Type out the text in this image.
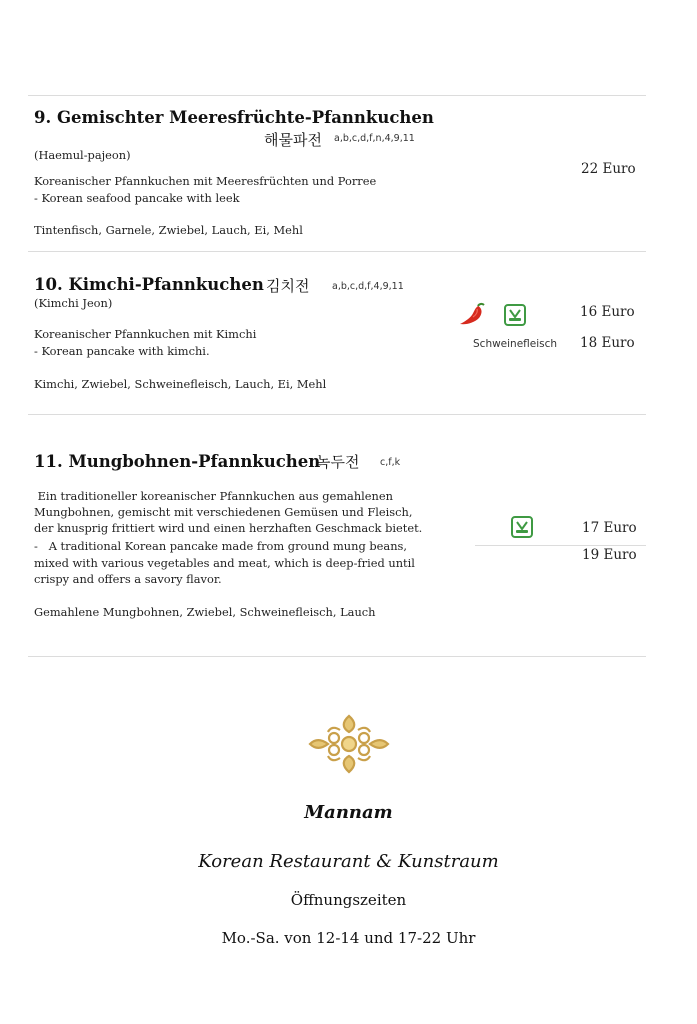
9. Gemischter Meeresfrüchte-Pfannkuchen
해물파전 a,b,c,d,f,n,4,9,11
(Haemul-pajeon)
22 Euro
Koreanischer Pfannkuchen mit Meeresfrüchten und Porree
- Korean seafood pancake with leek
Tintenfisch, Garnele, Zwiebel, Lauch, Ei, Mehl
10. Kimchi-Pfannkuchen 김치전 a,b,c,d,f,4,9,11
(Kimchi Jeon)
Koreanischer Pfannkuchen mit Kimchi
- Korean pancake with kimchi.
Kimchi, Zwiebel, Schweinefleisch, Lauch, Ei, Mehl
16 Euro
Schweinefleisch 18 Euro
11. Mungbohnen-Pfannkuchen
녹두전 c,f,k
Ein traditioneller koreanischer Pfannkuchen aus gemahlenen
Mungbohnen, gemischt mit verschiedenen Gemüsen und Fleisch,
der knusprig frittiert wird und einen herzhaften Geschmack bietet.
-   A traditional Korean pancake made from ground mung beans,
mixed with various vegetables and meat, which is deep-fried until
crispy and offers a savory flavor.
Gemahlene Mungbohnen, Zwiebel, Schweinefleisch, Lauch
17 Euro
19 Euro
Mannam
Korean Restaurant & Kunstraum
Öffnungszeiten
Mo.-Sa. von 12-14 und 17-22 Uhr
